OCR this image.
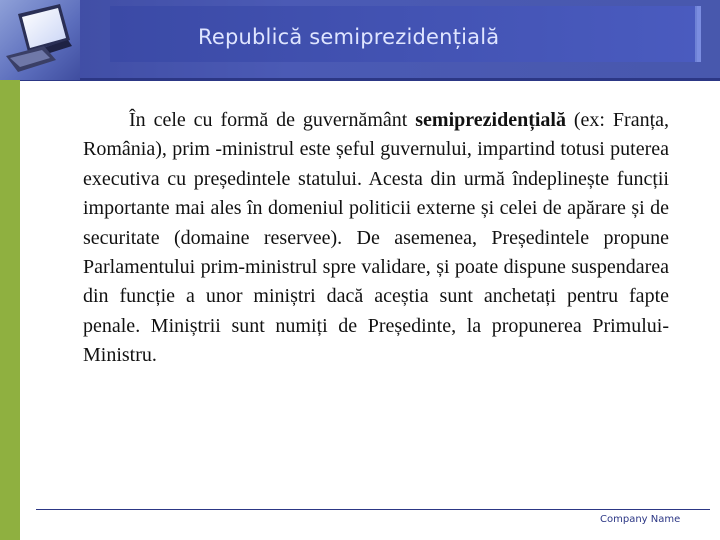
Republică semiprezidențială

În cele cu formă de guvernământ semiprezidențială (ex: Franța, România), prim -ministrul este șeful guvernului, impartind totusi puterea executiva cu președintele statului. Acesta din urmă îndeplinește funcții importante mai ales în domeniul politicii externe și celei de apărare și de securitate (domaine reservee). De asemenea, Președintele propune Parlamentului prim-ministrul spre validare, și poate dispune suspendarea din funcție a unor miniștri dacă aceștia sunt anchetați pentru fapte penale. Miniștrii sunt numiți de Președinte, la propunerea Primului-Ministru.

Company Name
